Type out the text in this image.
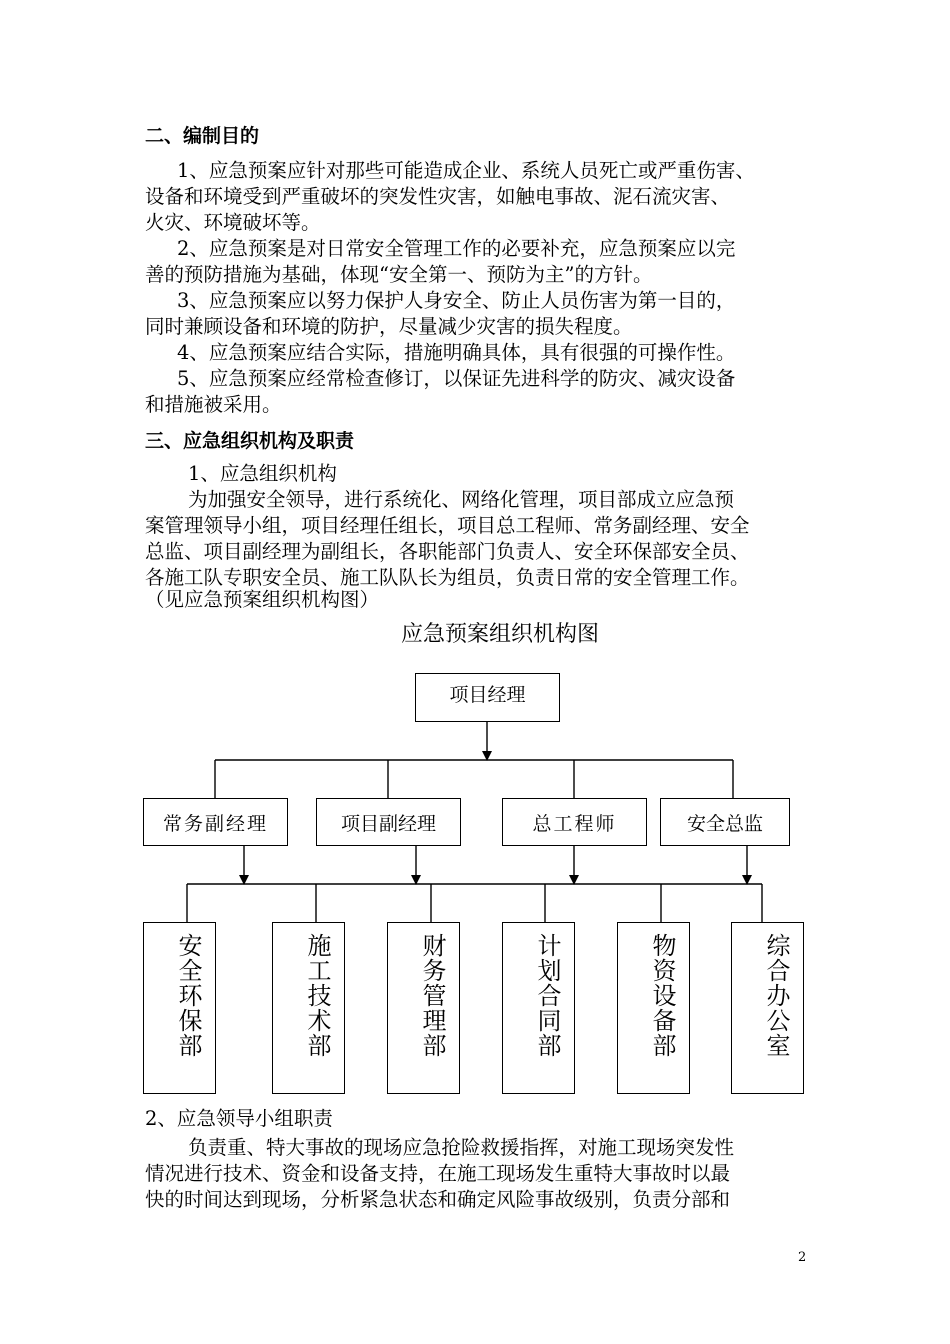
二、编制目的
1、应急预案应针对那些可能造成企业、系统人员死亡或严重伤害、
设备和环境受到严重破坏的突发性灾害，如触电事故、泥石流灾害、
火灾、环境破坏等。
2、应急预案是对日常安全管理工作的必要补充，应急预案应以完
善的预防措施为基础，体现“安全第一、预防为主”的方针。
3、应急预案应以努力保护人身安全、防止人员伤害为第一目的，
同时兼顾设备和环境的防护，尽量减少灾害的损失程度。
4、应急预案应结合实际，措施明确具体，具有很强的可操作性。
5、应急预案应经常检查修订，以保证先进科学的防灾、减灾设备
和措施被采用。
三、应急组织机构及职责
1、应急组织机构
为加强安全领导，进行系统化、网络化管理，项目部成立应急预
案管理领导小组，项目经理任组长，项目总工程师、常务副经理、安全
总监、项目副经理为副组长，各职能部门负责人、安全环保部安全员、
各施工队专职安全员、施工队队长为组员，负责日常的安全管理工作。
（见应急预案组织机构图）
应急预案组织机构图
项目经理
常务副经理	项目副经理	总工程师	安全总监
安全环保部	施工技术部	财务管理部	计划合同部	物资设备部	综合办公室
2、应急领导小组职责
负责重、特大事故的现场应急抢险救援指挥，对施工现场突发性
情况进行技术、资金和设备支持，在施工现场发生重特大事故时以最
快的时间达到现场，分析紧急状态和确定风险事故级别，负责分部和
2
